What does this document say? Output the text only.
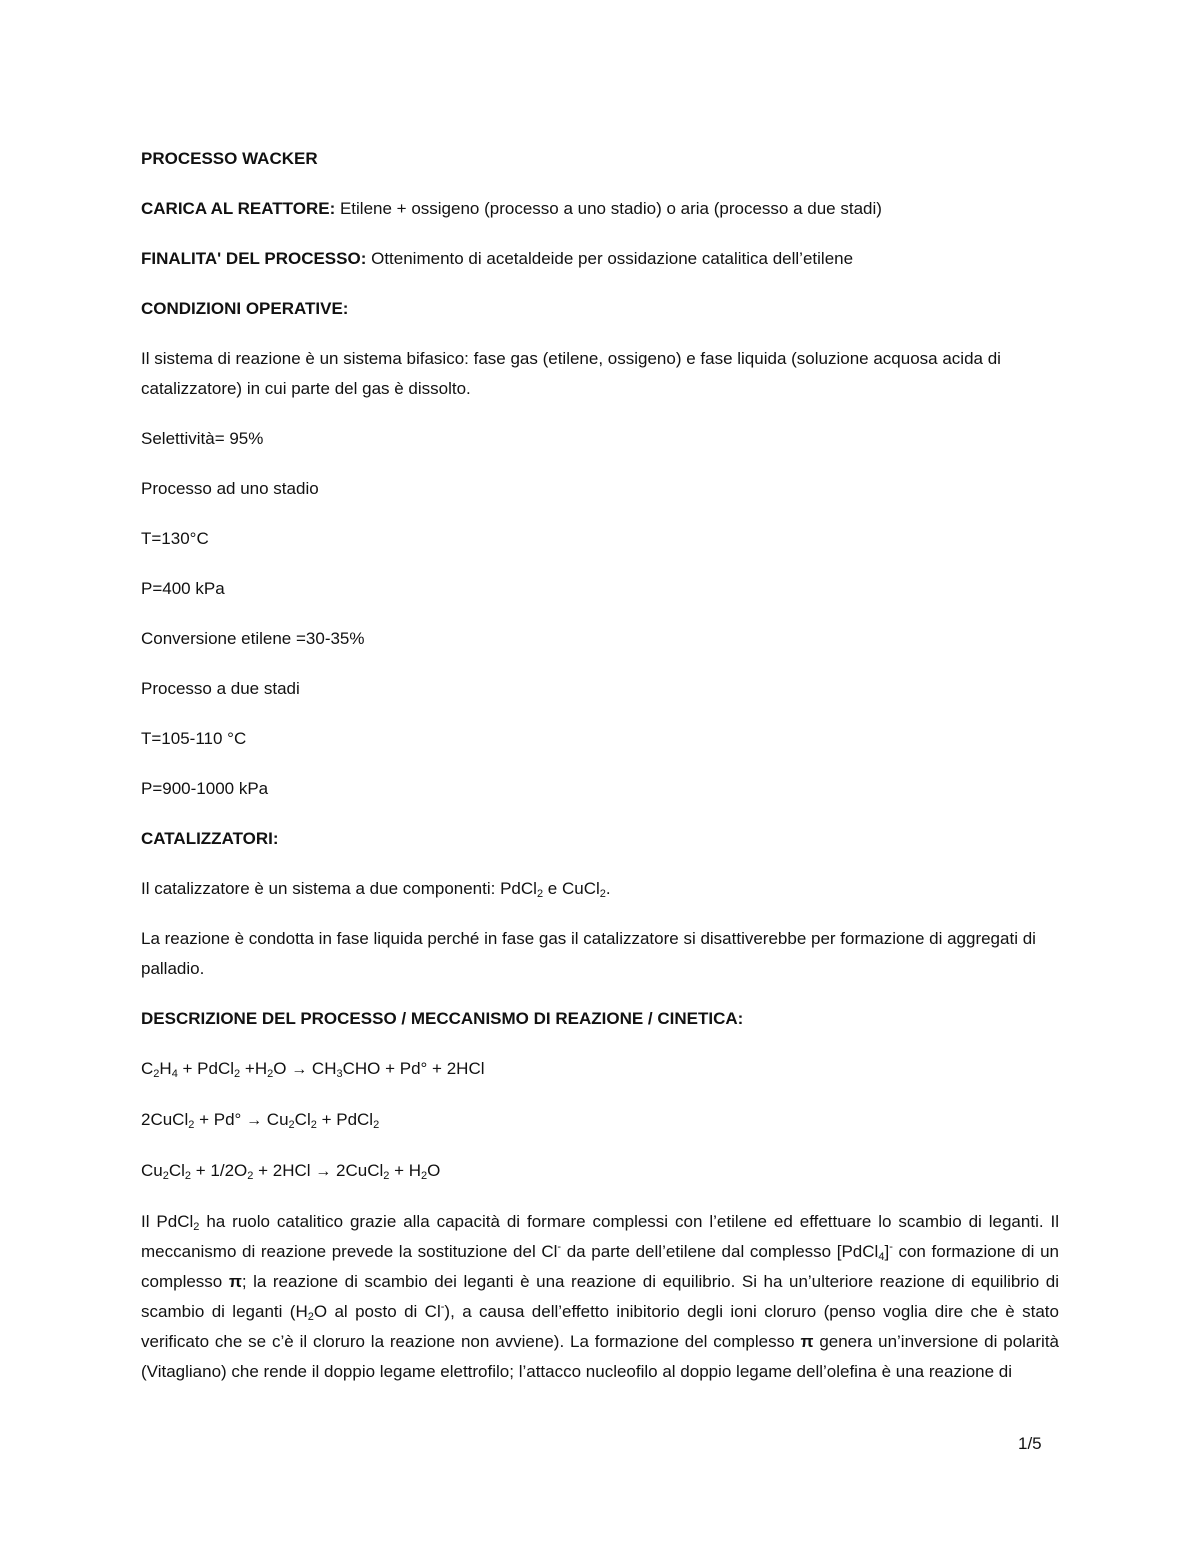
PROCESSO WACKER

CARICA AL REATTORE: Etilene + ossigeno (processo a uno stadio) o aria (processo a due stadi)

FINALITA' DEL PROCESSO: Ottenimento di acetaldeide per ossidazione catalitica dell’etilene

CONDIZIONI OPERATIVE:

Il sistema di reazione è un sistema bifasico: fase gas (etilene, ossigeno) e fase liquida (soluzione acquosa acida di catalizzatore) in cui parte del gas è dissolto.

Selettività= 95%

Processo ad uno stadio

T=130°C

P=400 kPa

Conversione etilene =30-35%

Processo a due stadi

T=105-110 °C

P=900-1000 kPa

CATALIZZATORI:

Il catalizzatore è un sistema a due componenti: PdCl$_2$ e CuCl$_2$.

La reazione è condotta in fase liquida perché in fase gas il catalizzatore si disattiverebbe per formazione di aggregati di palladio.

DESCRIZIONE DEL PROCESSO / MECCANISMO DI REAZIONE / CINETICA:

$C_2H_4$ + PdCl$_2$ $+H_2O \to CH_3CHO + Pd^\circ + 2HCl$

2CuCl$_2$ + $Pd^\circ \to Cu_2Cl_2$ + PdCl$_2$

$Cu_2Cl_2 + 1/2O_2 + 2HCl$ → 2CuCl$_2$ + $H_2O$

Il PdCl$_2$ ha ruolo catalitico grazie alla capacità di formare complessi con l’etilene ed effettuare lo scambio di leganti. Il meccanismo di reazione prevede la sostituzione del Cl- da parte dell’etilene dal complesso [PdCl$_4$]- con formazione di un complesso π; la reazione di scambio dei leganti è una reazione di equilibrio. Si ha un’ulteriore reazione di equilibrio di scambio di leganti ($H_2O$ al posto di Cl-), a causa dell’effetto inibitorio degli ioni cloruro (penso voglia dire che è stato verificato che se c’è il cloruro la reazione non avviene). La formazione del complesso π genera un’inversione di polarità (Vitagliano) che rende il doppio legame elettrofilo; l’attacco nucleofilo al doppio legame dell’olefina è una reazione di

1/5
